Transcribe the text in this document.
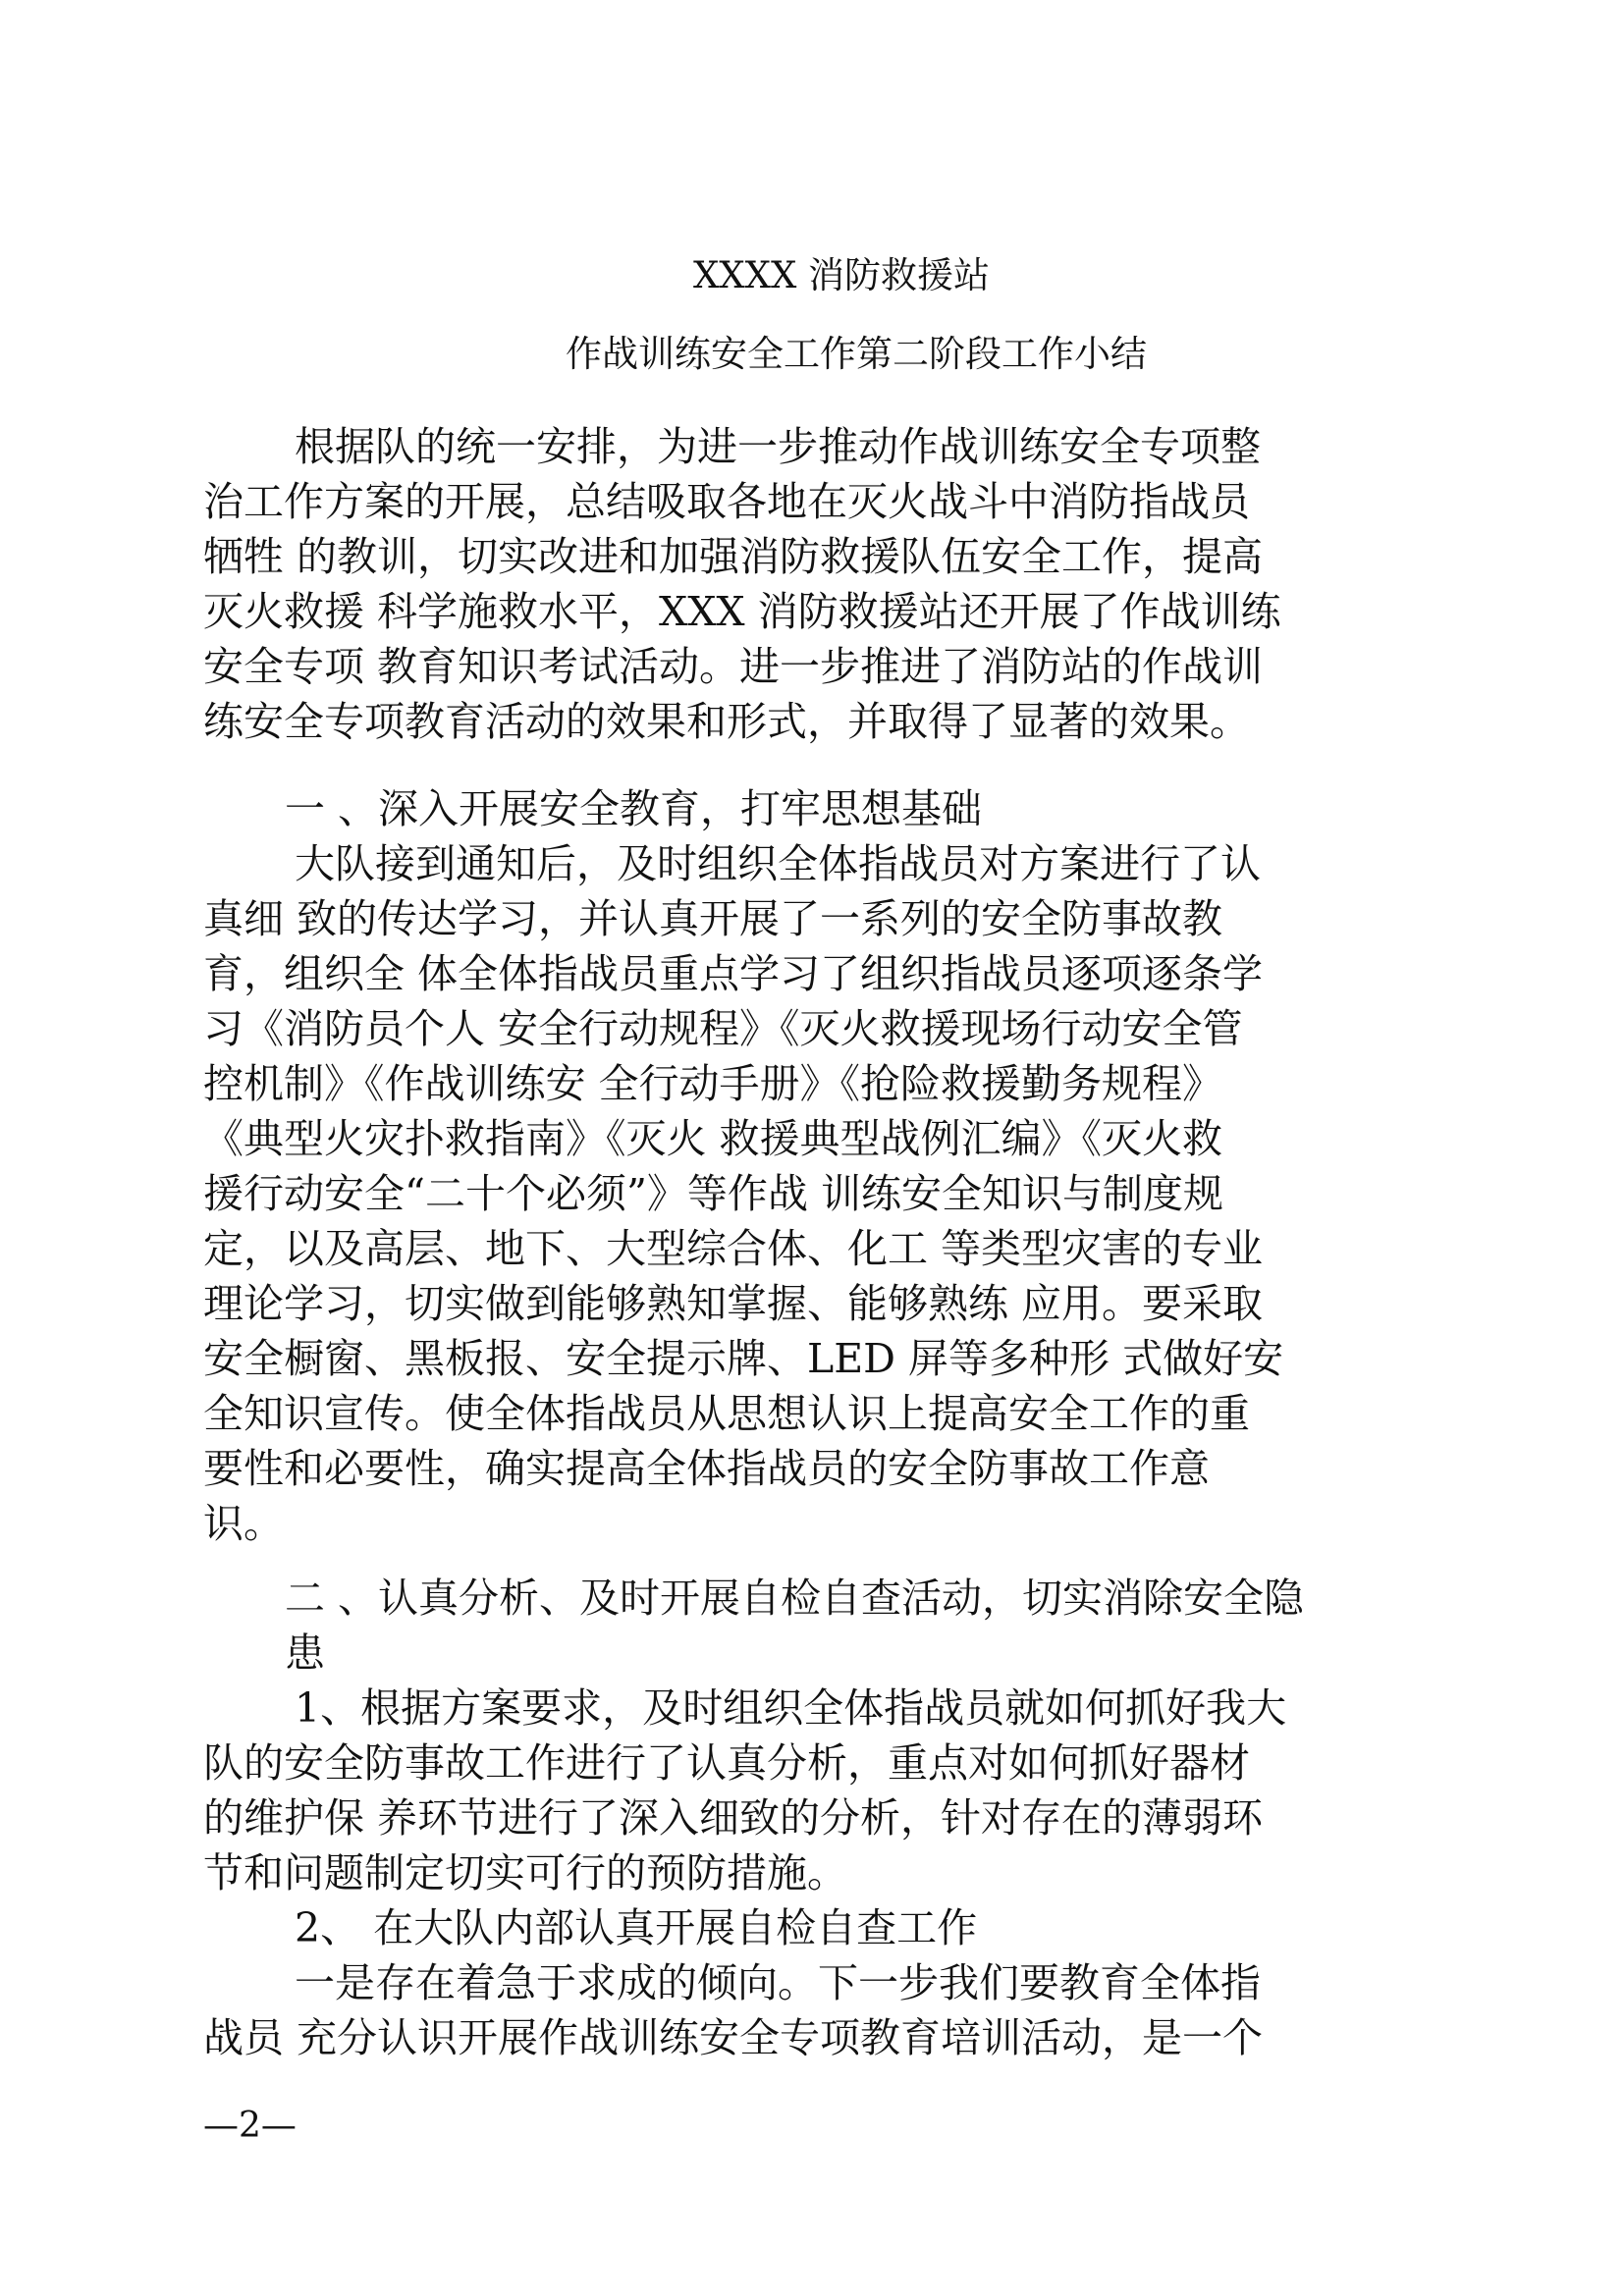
XXXX 消防救援站
作战训练安全工作第二阶段工作小结
根据队的统一安排，为进一步推动作战训练安全专项整
治工作方案的开展，总结吸取各地在灭火战斗中消防指战员
牺牲 的教训，切实改进和加强消防救援队伍安全工作，提高
灭火救援 科学施救水平，XXX 消防救援站还开展了作战训练
安全专项 教育知识考试活动。进一步推进了消防站的作战训
练安全专项教育活动的效果和形式，并取得了显著的效果。
一 、深入开展安全教育，打牢思想基础
大队接到通知后，及时组织全体指战员对方案进行了认
真细 致的传达学习，并认真开展了一系列的安全防事故教
育，组织全 体全体指战员重点学习了组织指战员逐项逐条学
习《消防员个人 安全行动规程》《灭火救援现场行动安全管
控机制》《作战训练安 全行动手册》《抢险救援勤务规程》
《典型火灾扑救指南》《灭火 救援典型战例汇编》《灭火救
援行动安全“二十个必须”》等作战 训练安全知识与制度规
定，以及高层、地下、大型综合体、化工 等类型灾害的专业
理论学习，切实做到能够熟知掌握、能够熟练 应用。要采取
安全橱窗、黑板报、安全提示牌、LED 屏等多种形 式做好安
全知识宣传。使全体指战员从思想认识上提高安全工作的重
要性和必要性，确实提高全体指战员的安全防事故工作意
识。
二 、认真分析、及时开展自检自查活动，切实消除安全隐
患
1、根据方案要求，及时组织全体指战员就如何抓好我大
队的安全防事故工作进行了认真分析，重点对如何抓好器材
的维护保 养环节进行了深入细致的分析，针对存在的薄弱环
节和问题制定切实可行的预防措施。
2、 在大队内部认真开展自检自查工作
一是存在着急于求成的倾向。下一步我们要教育全体指
战员 充分认识开展作战训练安全专项教育培训活动，是一个
—2—
